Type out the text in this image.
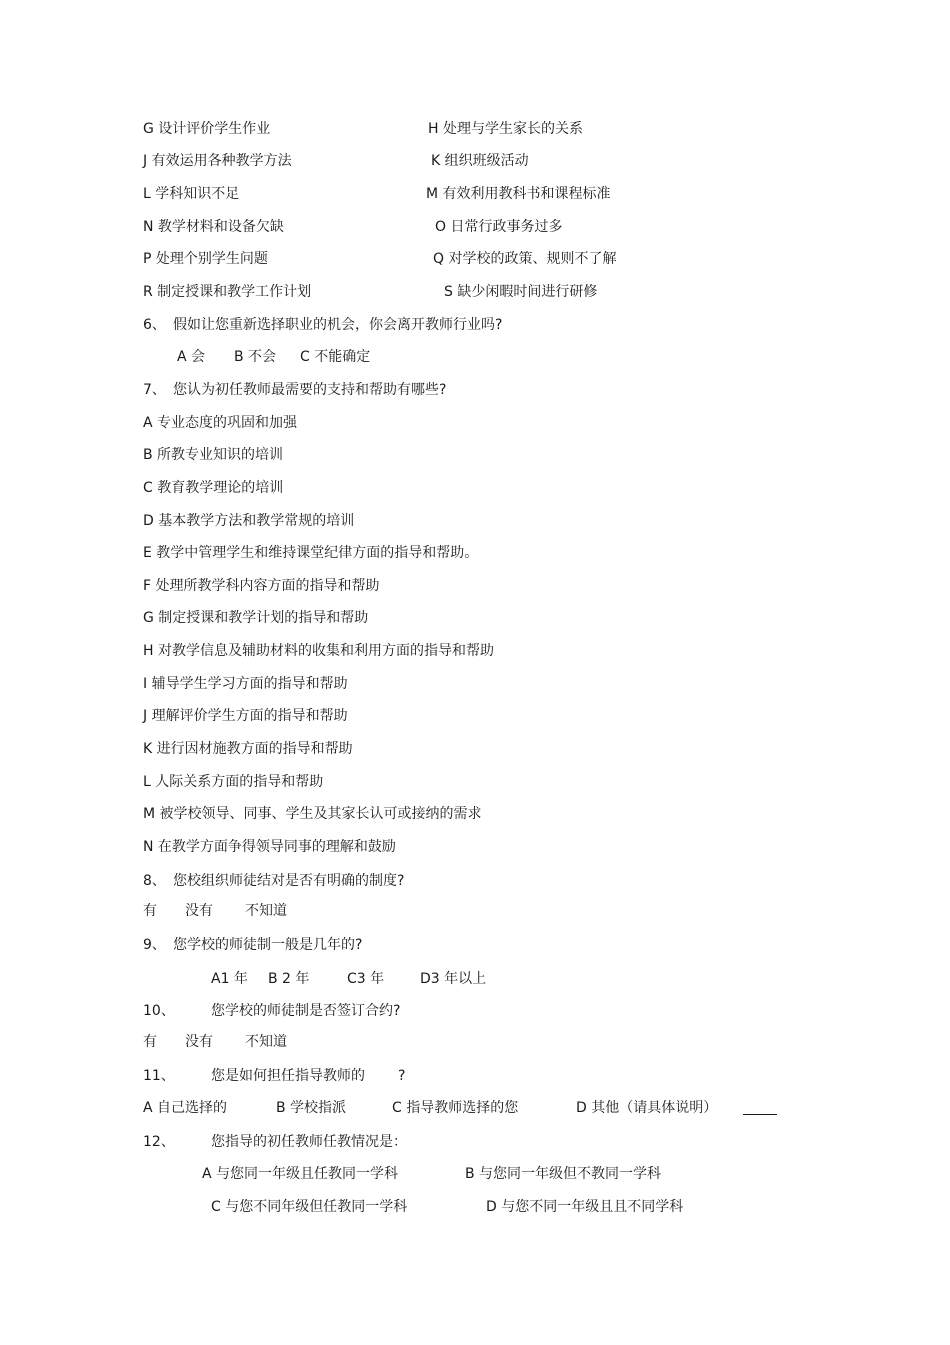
G 设计评价学生作业	H 处理与学生家长的关系
J 有效运用各种教学方法	K 组织班级活动
L 学科知识不足	M 有效利用教科书和课程标准
N 教学材料和设备欠缺	O 日常行政事务过多
P 处理个别学生问题	Q 对学校的政策、规则不了解
R 制定授课和教学工作计划	S 缺少闲暇时间进行研修
6、 假如让您重新选择职业的机会，你会离开教师行业吗?
A 会 B 不会 C 不能确定
7、 您认为初任教师最需要的支持和帮助有哪些?
A 专业态度的巩固和加强
B 所教专业知识的培训
C 教育教学理论的培训
D 基本教学方法和教学常规的培训
E 教学中管理学生和维持课堂纪律方面的指导和帮助。
F 处理所教学科内容方面的指导和帮助
G 制定授课和教学计划的指导和帮助
H 对教学信息及辅助材料的收集和利用方面的指导和帮助
I 辅导学生学习方面的指导和帮助
J 理解评价学生方面的指导和帮助
K 进行因材施教方面的指导和帮助
L 人际关系方面的指导和帮助
M 被学校领导、同事、学生及其家长认可或接纳的需求
N 在教学方面争得领导同事的理解和鼓励
8、 您校组织师徒结对是否有明确的制度?
有 没有 不知道
9、 您学校的师徒制一般是几年的?
A1 年 B 2 年	C3 年	D3 年以上
10、	您学校的师徒制是否签订合约?
有 没有 不知道
11、	您是如何担任指导教师的 ?
A 自己选择的	B 学校指派	C 指导教师选择的您	D 其他（请具体说明）
12、	您指导的初任教师任教情况是：
A 与您同一年级且任教同一学科	B 与您同一年级但不教同一学科
C 与您不同年级但任教同一学科	D 与您不同一年级且且不同学科
